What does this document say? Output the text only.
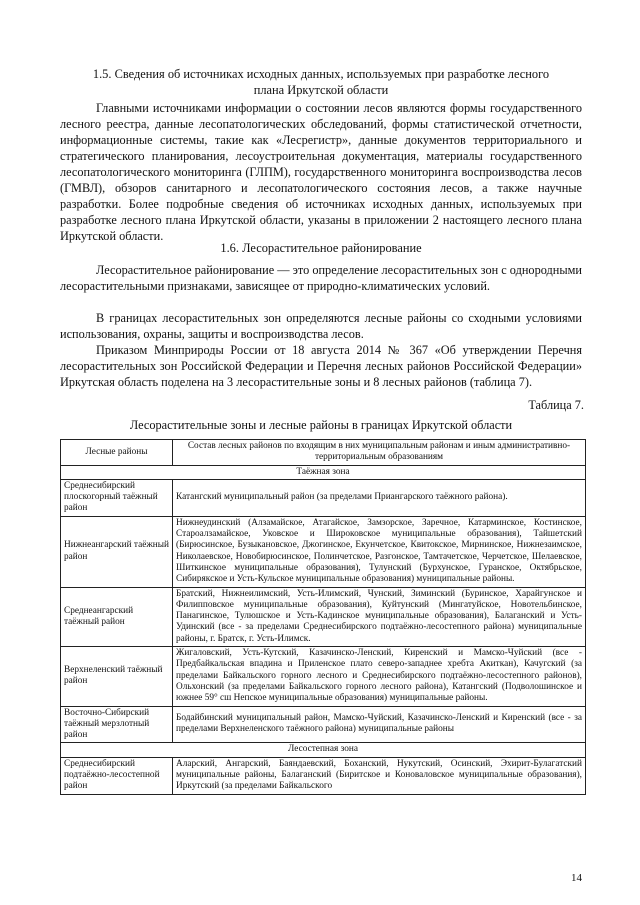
1.5. Сведения об источниках исходных данных, используемых при разработке лесного
плана Иркутской области
Главными источниками информации о состоянии лесов являются формы государственного лесного реестра, данные лесопатологических обследований, формы статистической отчетности, информационные системы, такие как «Лесрегистр», данные документов территориального и стратегического планирования, лесоустроительная документация, материалы государственного лесопатологического мониторинга (ГЛПМ), государственного мониторинга воспроизводства лесов (ГМВЛ), обзоров санитарного и лесопатологического состояния лесов, а также научные разработки. Более подробные сведения об источниках исходных данных, используемых при разработке лесного плана Иркутской области, указаны в приложении 2 настоящего лесного плана Иркутской области.
1.6. Лесорастительное районирование
Лесорастительное районирование — это определение лесорастительных зон с однородными лесорастительными признаками, зависящее от природно-климатических условий.
В границах лесорастительных зон определяются лесные районы со сходными условиями использования, охраны, защиты и воспроизводства лесов.
Приказом Минприроды России от 18 августа 2014 № 367 «Об утверждении Перечня лесорастительных зон Российской Федерации и Перечня лесных районов Российской Федерации» Иркутская область поделена на 3 лесорастительные зоны и 8 лесных районов (таблица 7).
Таблица 7.
Лесорастительные зоны и лесные районы в границах Иркутской области
Лесные районы	Состав лесных районов по входящим в них муниципальным районам и иным административно-территориальным образованиям
Таёжная зона	
Среднесибирский плоскогорный таёжный район	Катангский муниципальный район (за пределами Приангарского таёжного района).
Нижнеангарский таёжный район	Нижнеудинский (Алзамайское, Атагайское, Замзорское, Заречное, Катарминское, Костинское, Староалзамайское, Уковское и Широковское муниципальные образования), Тайшетский (Бирюсинское, Бузыкановское, Джогинское, Екунчетское, Квитокское, Мирнинское, Нижнезаимское, Николаевское, Новобирюсинское, Полинчетское, Разгонское, Тамтачетское, Черчетское, Шелаевское, Шиткинское муниципальные образования), Тулунский (Бурхунское, Гуранское, Октябрьское, Сибирякское и Усть-Кульское муниципальные образования) муниципальные районы.
Среднеангарский таёжный район	Братский, Нижнеилимский, Усть-Илимский, Чунский, Зиминский (Буринское, Харайгунское и Филипповское муниципальные образования), Куйтунский (Мингатуйское, Новотельбинское, Панагинское, Тулюшское и Усть-Кадинское муниципальные образования), Балаганский и Усть-Удинский (все - за пределами Среднесибирского подтаёжно-лесостепного района) муниципальные районы, г. Братск, г. Усть-Илимск.
Верхнеленский таёжный район	Жигаловский, Усть-Кутский, Казачинско-Ленский, Киренский и Мамско-Чуйский (все - Предбайкальская впадина и Приленское плато северо-западнее хребта Акиткан), Качугский (за пределами Байкальского горного лесного и Среднесибирского подтаёжно-лесостепного районов), Ольхонский (за пределами Байкальского горного лесного района), Катангский (Подволошинское и южнее 59° сш Непское муниципальные образования) муниципальные районы.
Восточно-Сибирский таёжный мерзлотный район	Бодайбинский муниципальный район, Мамско-Чуйский, Казачинско-Ленский и Киренский (все - за пределами Верхнеленского таёжного района) муниципальные районы
Лесостепная зона	
Среднесибирский подтаёжно-лесостепной район	Аларский, Ангарский, Баяндаевский, Боханский, Нукутский, Осинский, Эхирит-Булагатский муниципальные районы, Балаганский (Биритское и Коноваловское муниципальные образования), Иркутский (за пределами Байкальского
14
